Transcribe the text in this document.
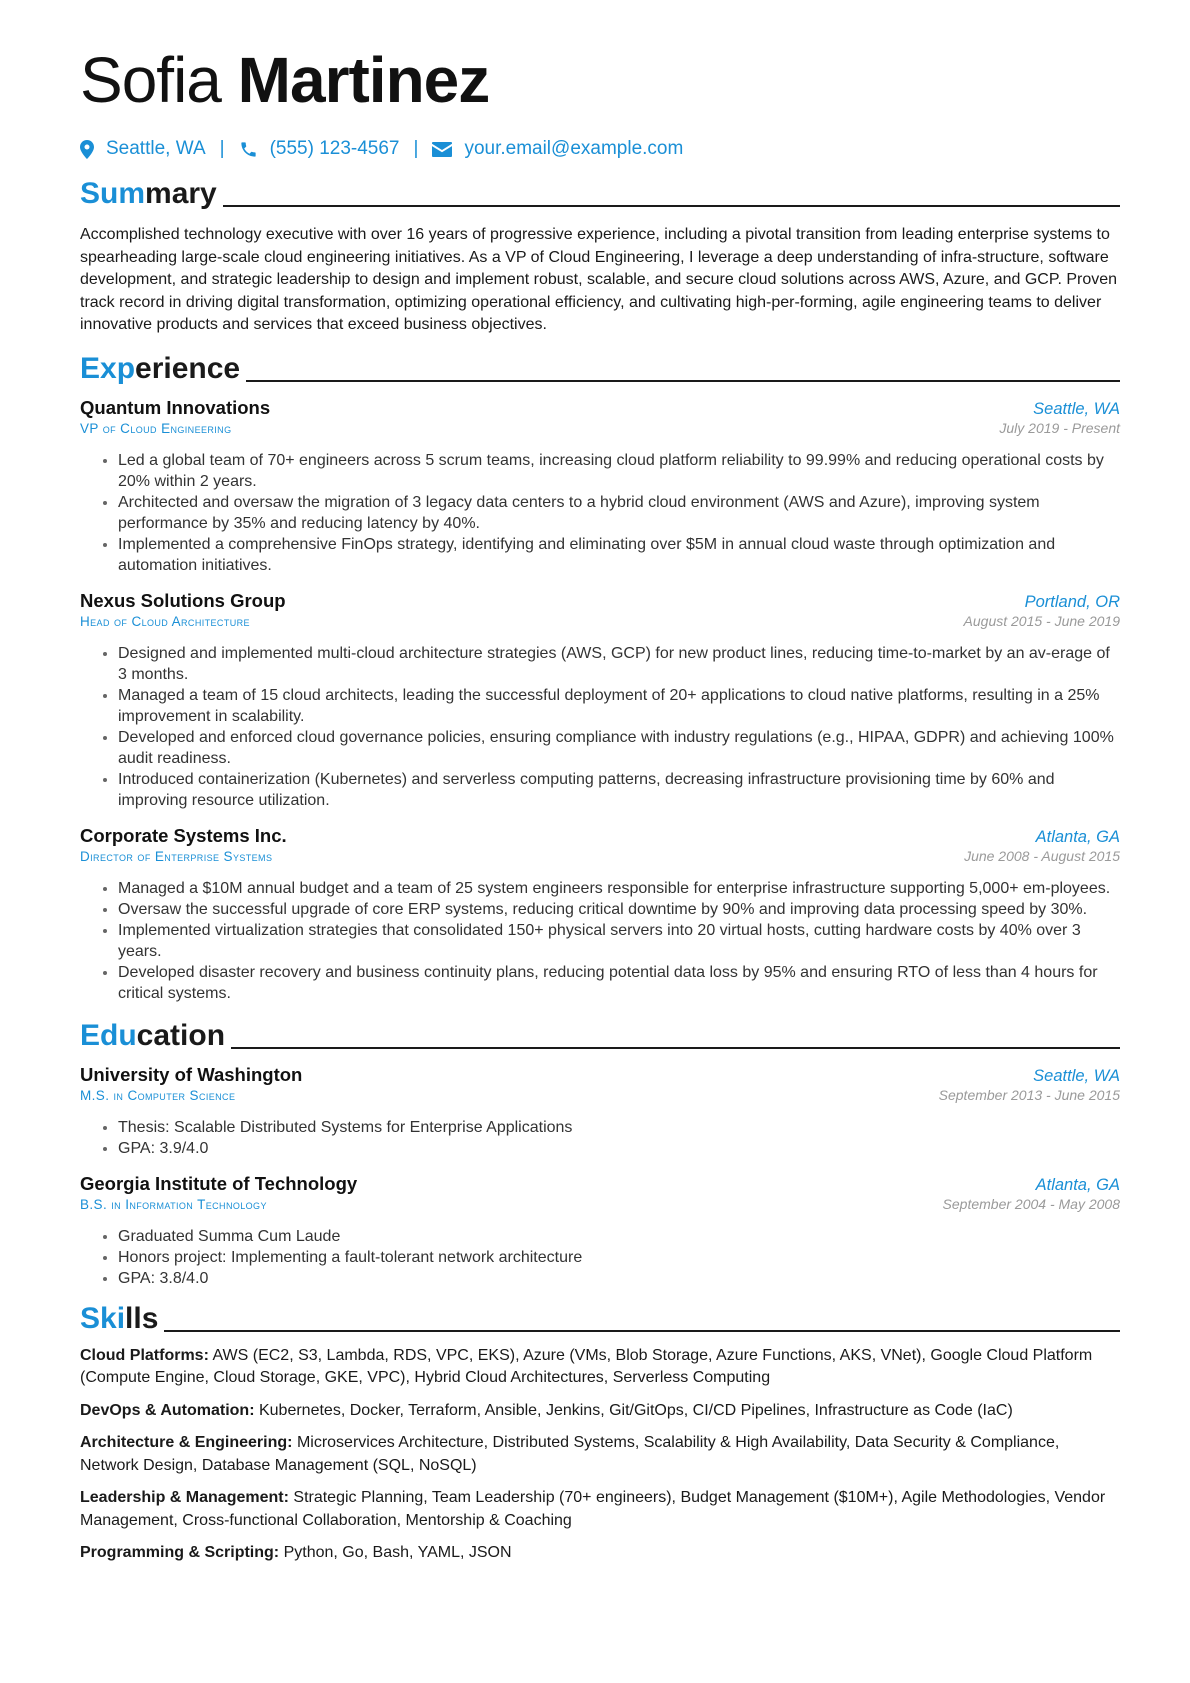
Sofia Martinez
Seattle, WA | (555) 123-4567 | your.email@example.com
Summary
Accomplished technology executive with over 16 years of progressive experience, including a pivotal transition from leading enterprise systems to spearheading large-scale cloud engineering initiatives. As a VP of Cloud Engineering, I leverage a deep understanding of infra-structure, software development, and strategic leadership to design and implement robust, scalable, and secure cloud solutions across AWS, Azure, and GCP. Proven track record in driving digital transformation, optimizing operational efficiency, and cultivating high-per-forming, agile engineering teams to deliver innovative products and services that exceed business objectives.
Experience
Quantum Innovations	Seattle, WA
VP of Cloud Engineering	July 2019 - Present
• Led a global team of 70+ engineers across 5 scrum teams, increasing cloud platform reliability to 99.99% and reducing operational costs by 20% within 2 years.
• Architected and oversaw the migration of 3 legacy data centers to a hybrid cloud environment (AWS and Azure), improving system performance by 35% and reducing latency by 40%.
• Implemented a comprehensive FinOps strategy, identifying and eliminating over $5M in annual cloud waste through optimization and automation initiatives.
Nexus Solutions Group	Portland, OR
Head of Cloud Architecture	August 2015 - June 2019
• Designed and implemented multi-cloud architecture strategies (AWS, GCP) for new product lines, reducing time-to-market by an av-erage of 3 months.
• Managed a team of 15 cloud architects, leading the successful deployment of 20+ applications to cloud native platforms, resulting in a 25% improvement in scalability.
• Developed and enforced cloud governance policies, ensuring compliance with industry regulations (e.g., HIPAA, GDPR) and achieving 100% audit readiness.
• Introduced containerization (Kubernetes) and serverless computing patterns, decreasing infrastructure provisioning time by 60% and improving resource utilization.
Corporate Systems Inc.	Atlanta, GA
Director of Enterprise Systems	June 2008 - August 2015
• Managed a $10M annual budget and a team of 25 system engineers responsible for enterprise infrastructure supporting 5,000+ em-ployees.
• Oversaw the successful upgrade of core ERP systems, reducing critical downtime by 90% and improving data processing speed by 30%.
• Implemented virtualization strategies that consolidated 150+ physical servers into 20 virtual hosts, cutting hardware costs by 40% over 3 years.
• Developed disaster recovery and business continuity plans, reducing potential data loss by 95% and ensuring RTO of less than 4 hours for critical systems.
Education
University of Washington	Seattle, WA
M.S. in Computer Science	September 2013 - June 2015
• Thesis: Scalable Distributed Systems for Enterprise Applications
• GPA: 3.9/4.0
Georgia Institute of Technology	Atlanta, GA
B.S. in Information Technology	September 2004 - May 2008
• Graduated Summa Cum Laude
• Honors project: Implementing a fault-tolerant network architecture
• GPA: 3.8/4.0
Skills
Cloud Platforms: AWS (EC2, S3, Lambda, RDS, VPC, EKS), Azure (VMs, Blob Storage, Azure Functions, AKS, VNet), Google Cloud Platform (Compute Engine, Cloud Storage, GKE, VPC), Hybrid Cloud Architectures, Serverless Computing
DevOps & Automation: Kubernetes, Docker, Terraform, Ansible, Jenkins, Git/GitOps, CI/CD Pipelines, Infrastructure as Code (IaC)
Architecture & Engineering: Microservices Architecture, Distributed Systems, Scalability & High Availability, Data Security & Compliance, Network Design, Database Management (SQL, NoSQL)
Leadership & Management: Strategic Planning, Team Leadership (70+ engineers), Budget Management ($10M+), Agile Methodologies, Vendor Management, Cross-functional Collaboration, Mentorship & Coaching
Programming & Scripting: Python, Go, Bash, YAML, JSON
